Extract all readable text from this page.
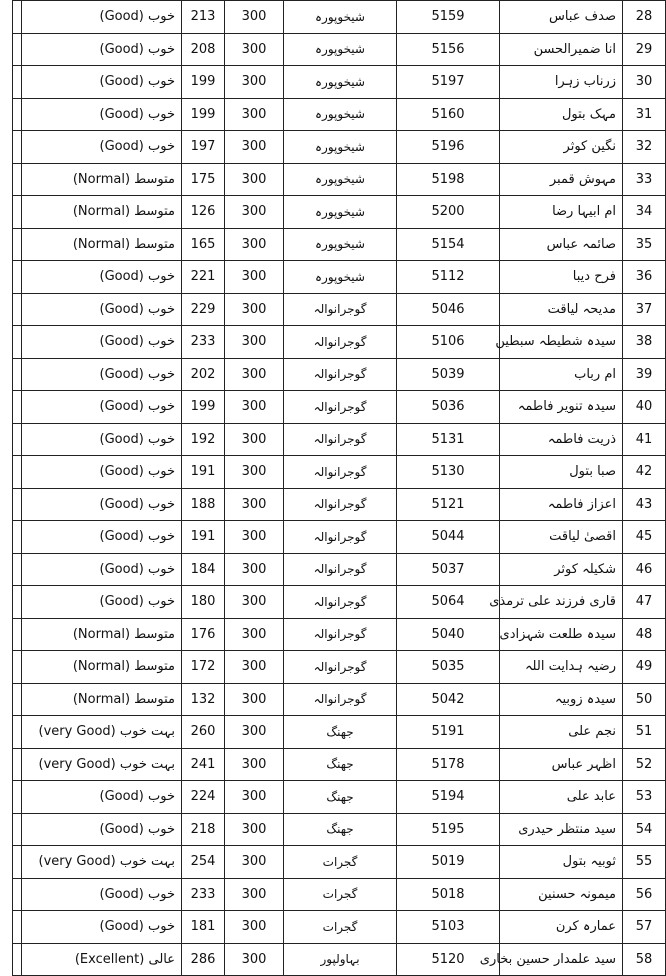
	خوب (Good)	213	300	شیخوپورہ	5159	صدف عباس	28
	خوب (Good)	208	300	شیخوپورہ	5156	انا ضمیرالحسن	29
	خوب (Good)	199	300	شیخوپورہ	5197	زرناب زہرا	30
	خوب (Good)	199	300	شیخوپورہ	5160	مہک بتول	31
	خوب (Good)	197	300	شیخوپورہ	5196	نگین کوثر	32
	متوسط (Normal)	175	300	شیخوپورہ	5198	مہوش قمبر	33
	متوسط (Normal)	126	300	شیخوپورہ	5200	ام ابیہا رضا	34
	متوسط (Normal)	165	300	شیخوپورہ	5154	صائمہ عباس	35
	خوب (Good)	221	300	شیخوپورہ	5112	فرح دیبا	36
	خوب (Good)	229	300	گوجرانوالہ	5046	مدیحہ لیاقت	37
	خوب (Good)	233	300	گوجرانوالہ	5106	سیدہ شطیطہ سبطین	38
	خوب (Good)	202	300	گوجرانوالہ	5039	ام رباب	39
	خوب (Good)	199	300	گوجرانوالہ	5036	سیدہ تنویر فاطمہ	40
	خوب (Good)	192	300	گوجرانوالہ	5131	ذریت فاطمہ	41
	خوب (Good)	191	300	گوجرانوالہ	5130	صبا بتول	42
	خوب (Good)	188	300	گوجرانوالہ	5121	اعزاز فاطمہ	43
	خوب (Good)	191	300	گوجرانوالہ	5044	اقصیٰ لیاقت	45
	خوب (Good)	184	300	گوجرانوالہ	5037	شکیلہ کوثر	46
	خوب (Good)	180	300	گوجرانوالہ	5064	قاری فرزند علی ترمذی	47
	متوسط (Normal)	176	300	گوجرانوالہ	5040	سیدہ طلعت شہزادی	48
	متوسط (Normal)	172	300	گوجرانوالہ	5035	رضیہ ہدایت اللہ	49
	متوسط (Normal)	132	300	گوجرانوالہ	5042	سیدہ زوبیہ	50
	بہت خوب (very Good)	260	300	جھنگ	5191	نجم علی	51
	بہت خوب (very Good)	241	300	جھنگ	5178	اظہر عباس	52
	خوب (Good)	224	300	جھنگ	5194	عابد علی	53
	خوب (Good)	218	300	جھنگ	5195	سید منتظر حیدری	54
	بہت خوب (very Good)	254	300	گجرات	5019	ثوبیہ بتول	55
	خوب (Good)	233	300	گجرات	5018	میمونہ حسنین	56
	خوب (Good)	181	300	گجرات	5103	عمارہ کرن	57
	عالی (Excellent)	286	300	بہاولپور	5120	سید علمدار حسین بخاری	58
